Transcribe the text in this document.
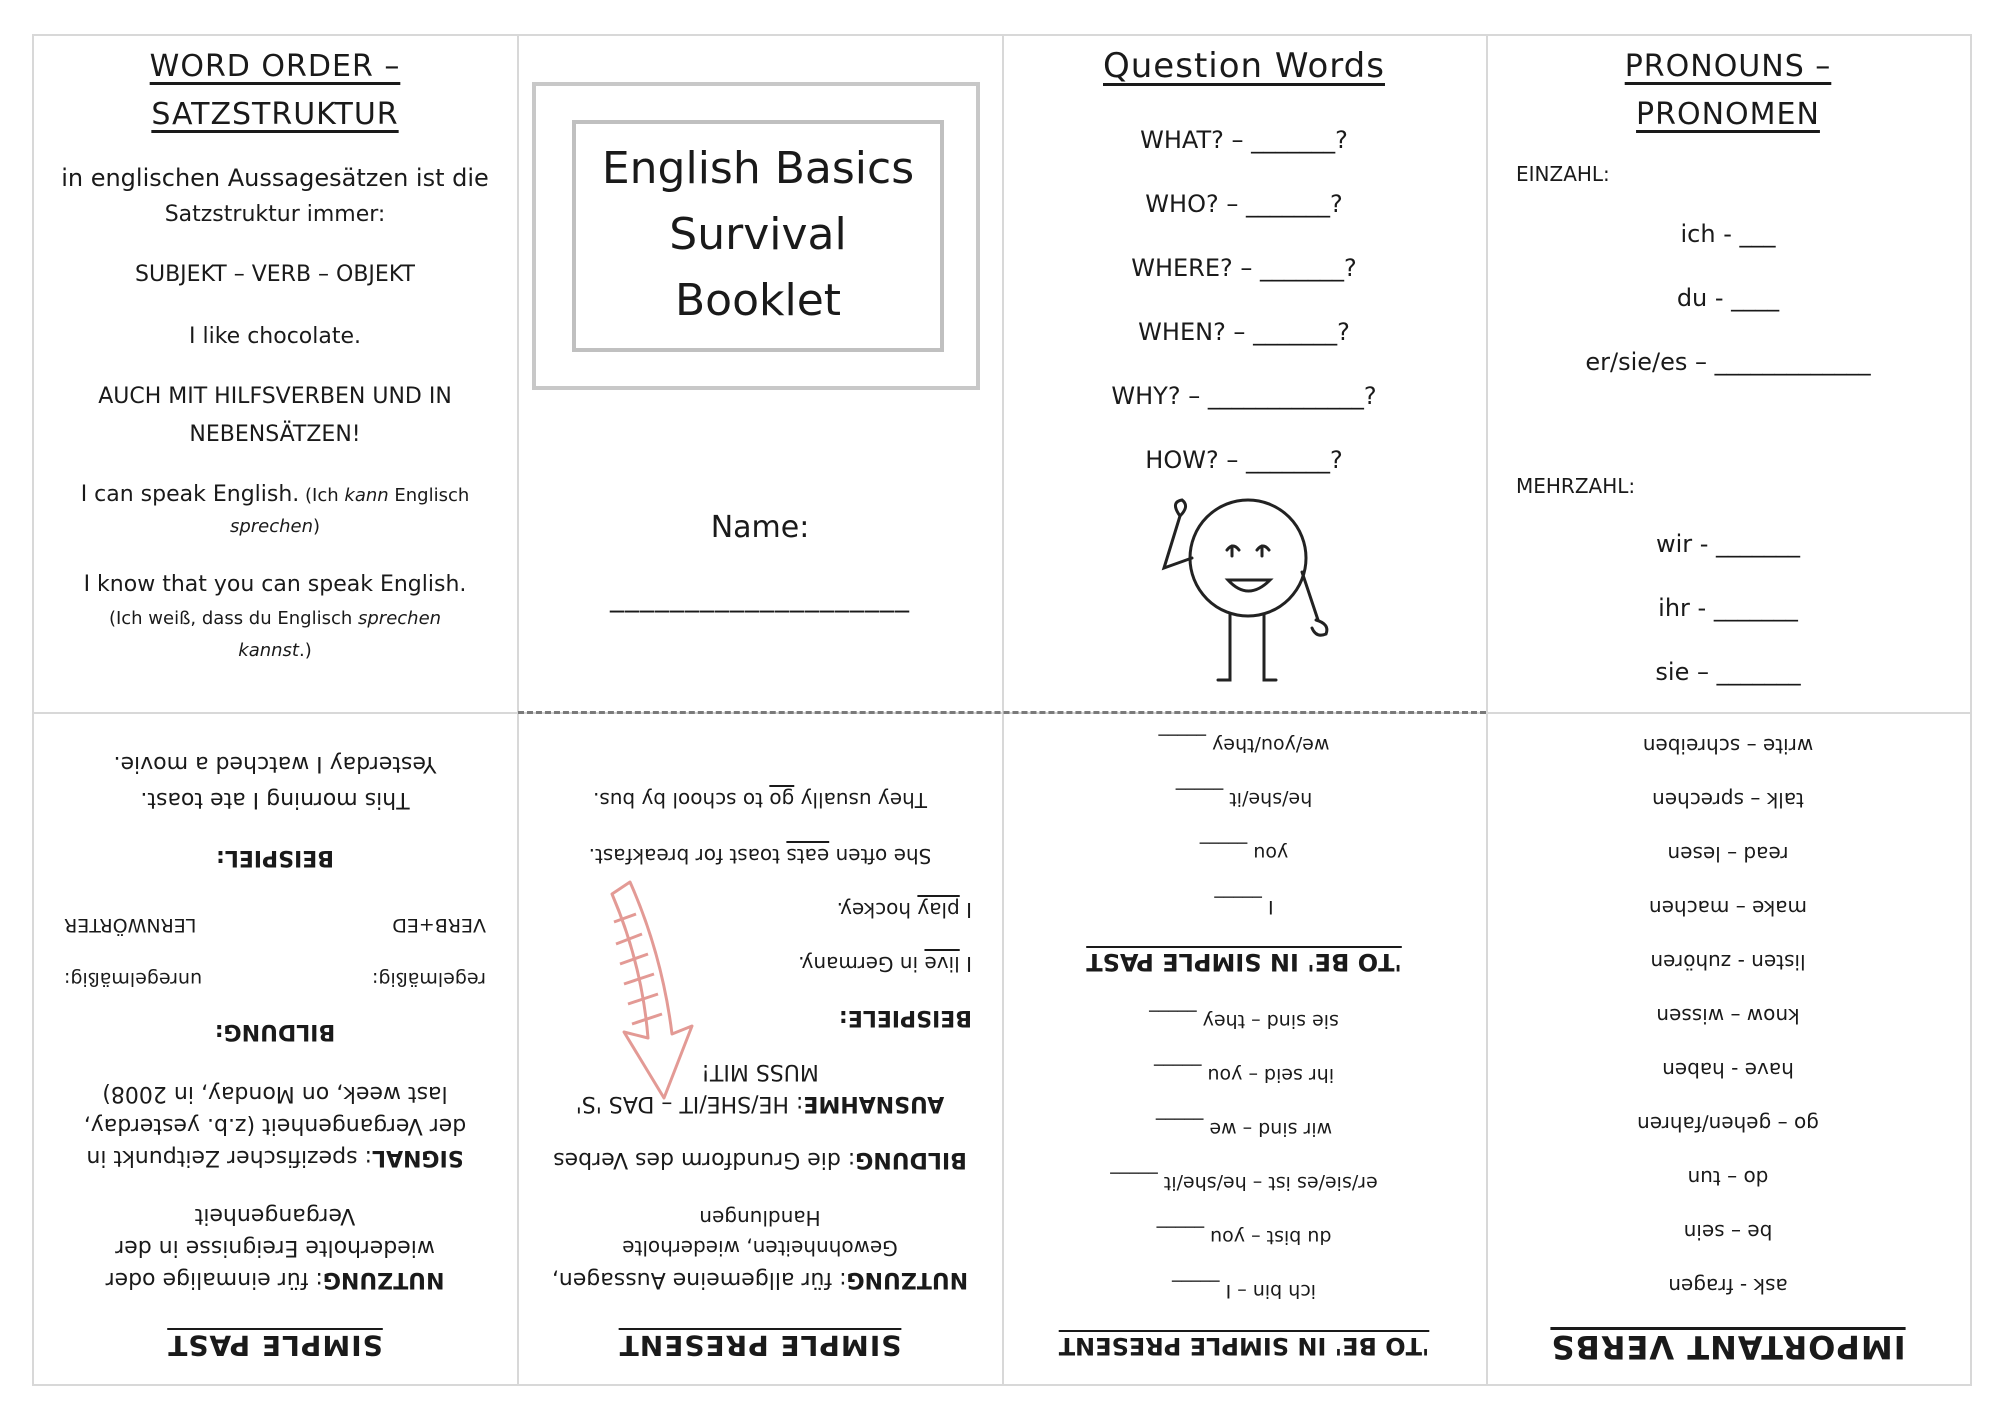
WORD ORDER –
SATZSTRUKTUR
in englischen Aussagesätzen ist die
Satzstruktur immer:
SUBJEKT – VERB – OBJEKT
I like chocolate.
AUCH MIT HILFSVERBEN UND IN
NEBENSÄTZEN!
I can speak English. (Ich kann Englisch
sprechen)
I know that you can speak English.
(Ich weiß, dass du Englisch sprechen
kannst.)
English Basics
Survival
Booklet
Name:
____________________
Question Words
WHAT? – _______?
WHO? – _______?
WHERE? – _______?
WHEN? – _______?
WHY? – _____________?
HOW? – _______?
PRONOUNS –
PRONOMEN
EINZAHL:
ich - ___
du - ____
er/sie/es – _____________
MEHRZAHL:
wir - _______
ihr - _______
sie – _______
SIMPLE PAST
NUTZUNG: für einmalige oder
wiederholte Ereignisse in der
Vergangenheit
SIGNAL: spezifischer Zeitpunkt in
der Vergangenheit (z.b. yesterday,
last week, on Monday, in 2008)
BILDUNG:
regelmäßig:
unregelmäßig:
VERB+ED
LERNWÖRTER
BEISPIEL:
This morning I ate toast.
Yesterday I watched a movie.
SIMPLE PRESENT
NUTZUNG: für allgemeine Aussagen,
Gewohnheiten, wiederholte
Handlungen
BILDUNG: die Grundform des Verbes
AUSNAHME: HE/SHE/IT – DAS 'S'
MUSS MIT!
BEISPIELE:
I live in Germany.
I play hockey.
She often eats toast for breakfast.
They usually go to school by bus.
'TO BE' IN SIMPLE PRESENT
ich bin – I _____
du bist – you _____
er/sie/es ist – he/she/it _____
wir sind – we _____
ihr seid – you _____
sie sind – they _____
'TO BE' IN SIMPLE PAST
I _____
you _____
he/she/it _____
we/you/they _____
IMPORTANT VERBS
ask - fragen
be – sein
do – tun
go – gehen/fahren
have - haben
know – wissen
listen - zuhören
make – machen
read – lesen
talk – sprechen
write – schreiben
